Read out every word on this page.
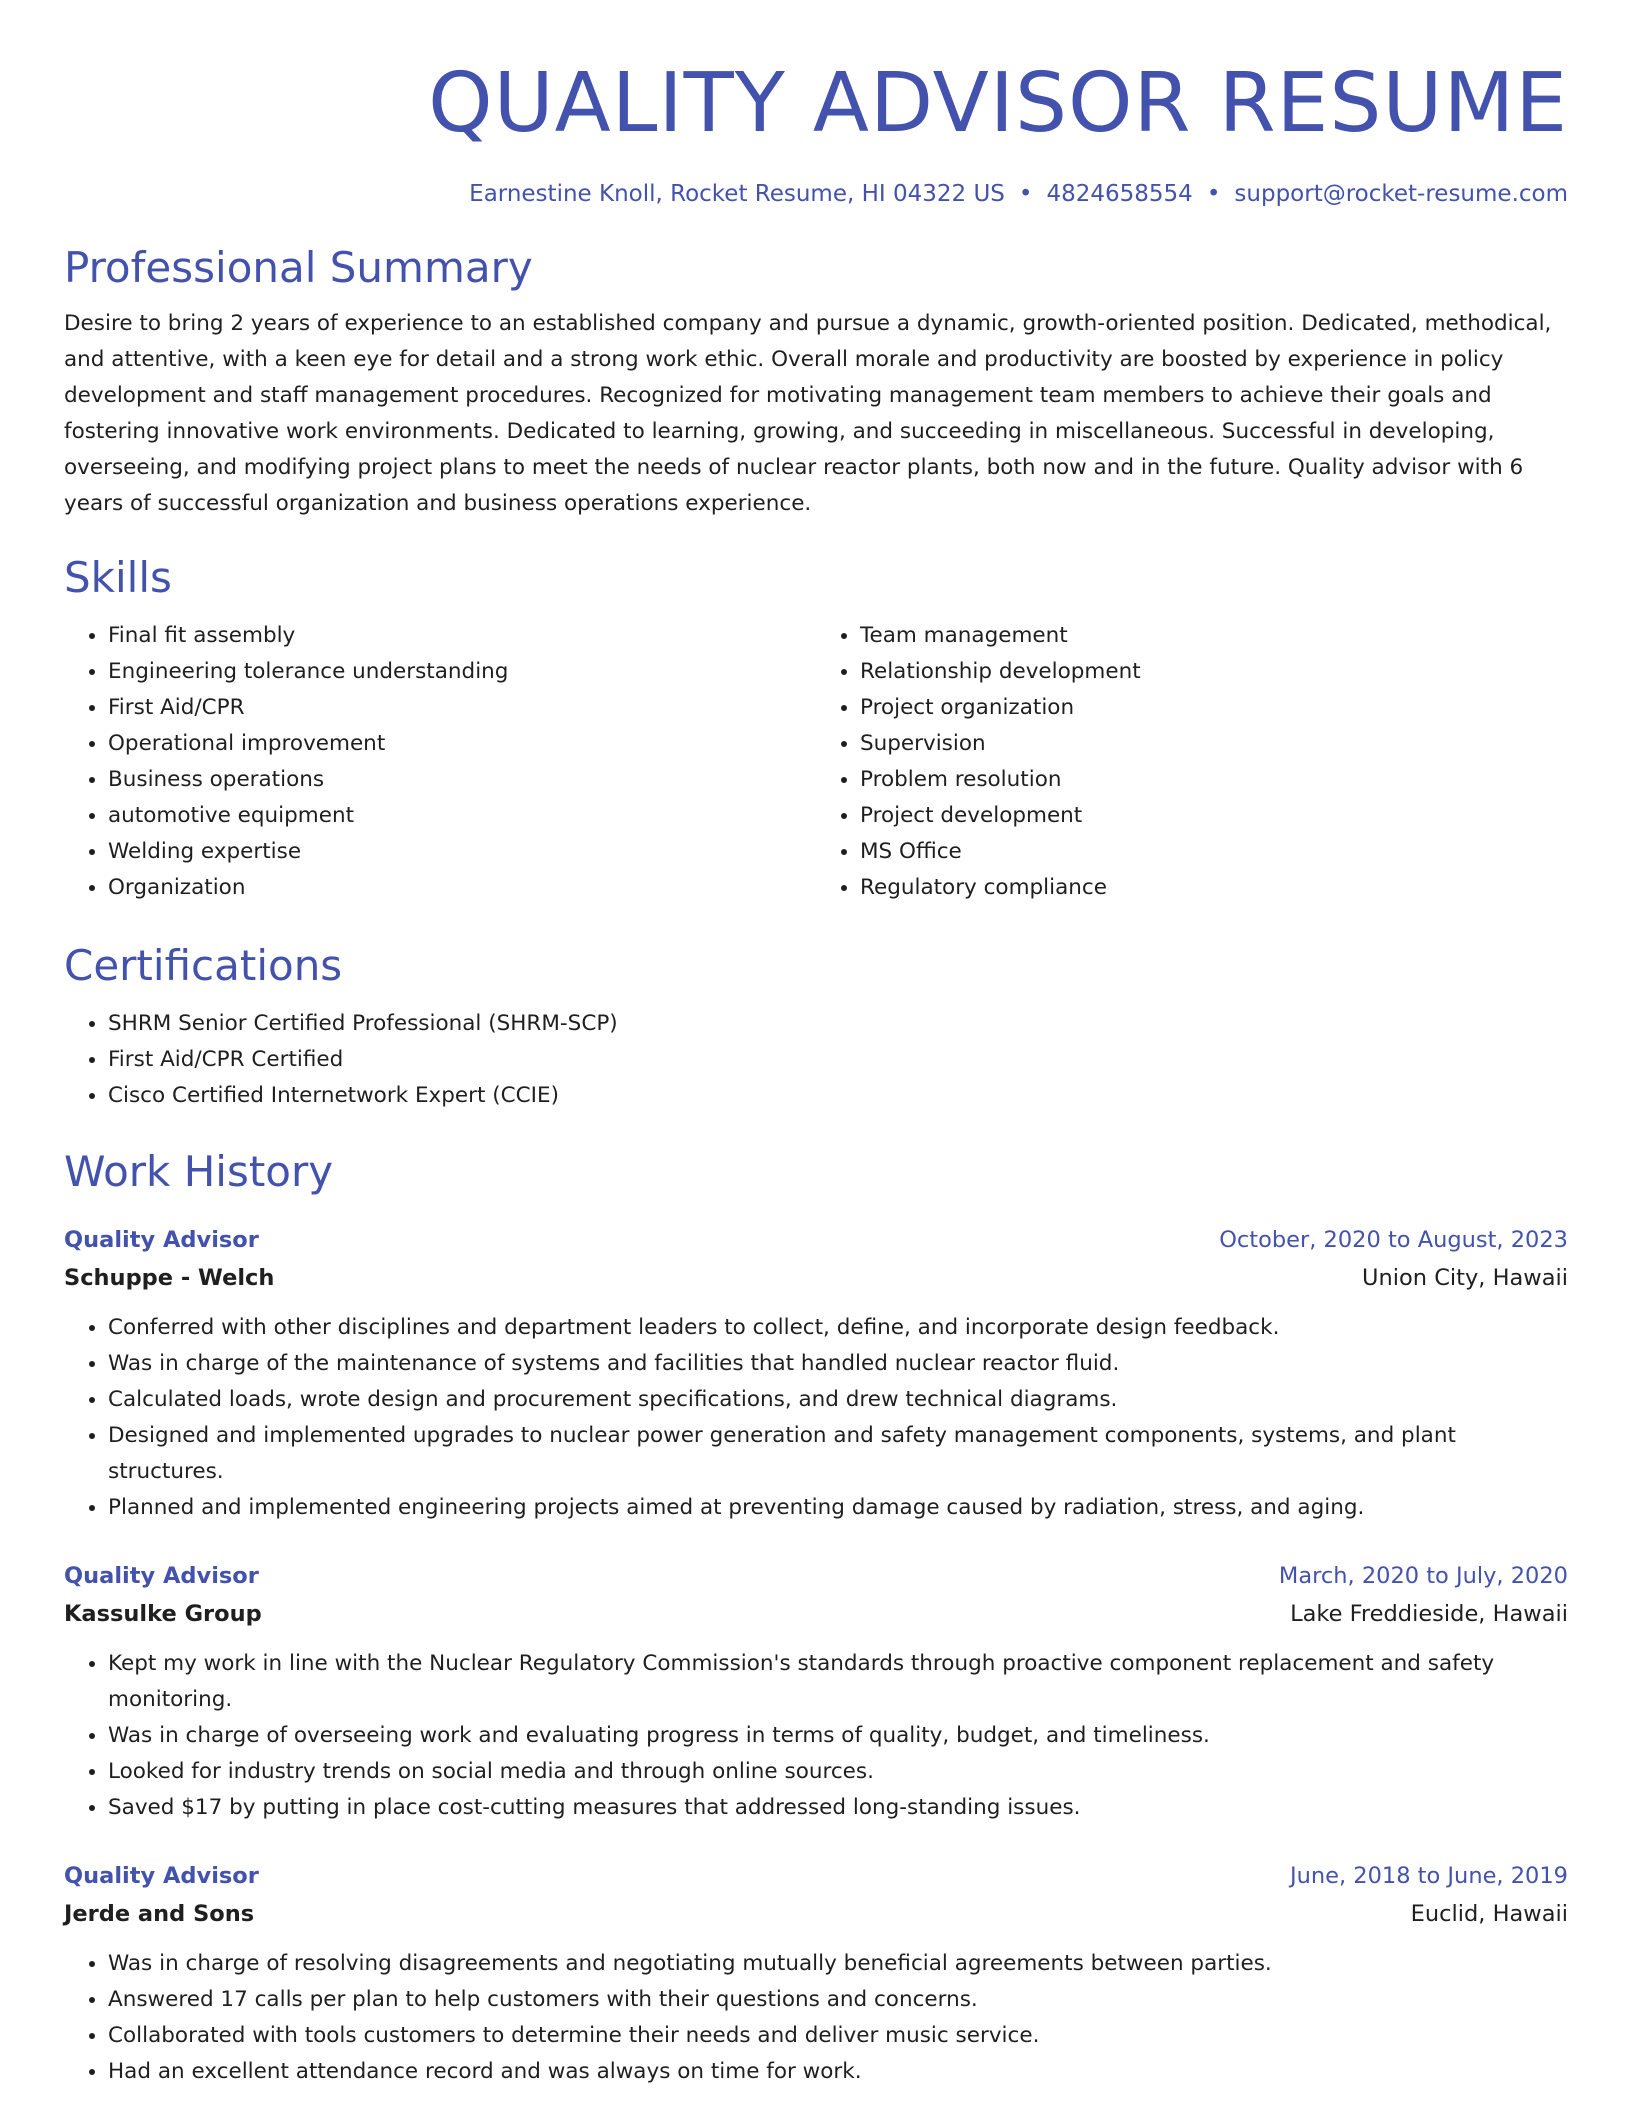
QUALITY ADVISOR RESUME
Earnestine Knoll, Rocket Resume, HI 04322 US • 4824658554 • support@rocket-resume.com
Professional Summary

Desire to bring 2 years of experience to an established company and pursue a dynamic, growth-oriented position. Dedicated, methodical, and attentive, with a keen eye for detail and a strong work ethic. Overall morale and productivity are boosted by experience in policy development and staff management procedures. Recognized for motivating management team members to achieve their goals and fostering innovative work environments. Dedicated to learning, growing, and succeeding in miscellaneous. Successful in developing, overseeing, and modifying project plans to meet the needs of nuclear reactor plants, both now and in the future. Quality advisor with 6 years of successful organization and business operations experience.

Skills
• Final fit assembly
• Engineering tolerance understanding
• First Aid/CPR
• Operational improvement
• Business operations
• automotive equipment
• Welding expertise
• Organization
• Team management
• Relationship development
• Project organization
• Supervision
• Problem resolution
• Project development
• MS Office
• Regulatory compliance
Certifications
• SHRM Senior Certified Professional (SHRM-SCP)
• First Aid/CPR Certified
• Cisco Certified Internetwork Expert (CCIE)
Work History
Quality Advisor	October, 2020 to August, 2023
Schuppe - Welch	Union City, Hawaii
• Conferred with other disciplines and department leaders to collect, define, and incorporate design feedback.
• Was in charge of the maintenance of systems and facilities that handled nuclear reactor fluid.
• Calculated loads, wrote design and procurement specifications, and drew technical diagrams.
• Designed and implemented upgrades to nuclear power generation and safety management components, systems, and plant structures.
• Planned and implemented engineering projects aimed at preventing damage caused by radiation, stress, and aging.
Quality Advisor	March, 2020 to July, 2020
Kassulke Group	Lake Freddieside, Hawaii
• Kept my work in line with the Nuclear Regulatory Commission's standards through proactive component replacement and safety monitoring.
• Was in charge of overseeing work and evaluating progress in terms of quality, budget, and timeliness.
• Looked for industry trends on social media and through online sources.
• Saved $17 by putting in place cost-cutting measures that addressed long-standing issues.
Quality Advisor	June, 2018 to June, 2019
Jerde and Sons	Euclid, Hawaii
• Was in charge of resolving disagreements and negotiating mutually beneficial agreements between parties.
• Answered 17 calls per plan to help customers with their questions and concerns.
• Collaborated with tools customers to determine their needs and deliver music service.
• Had an excellent attendance record and was always on time for work.
